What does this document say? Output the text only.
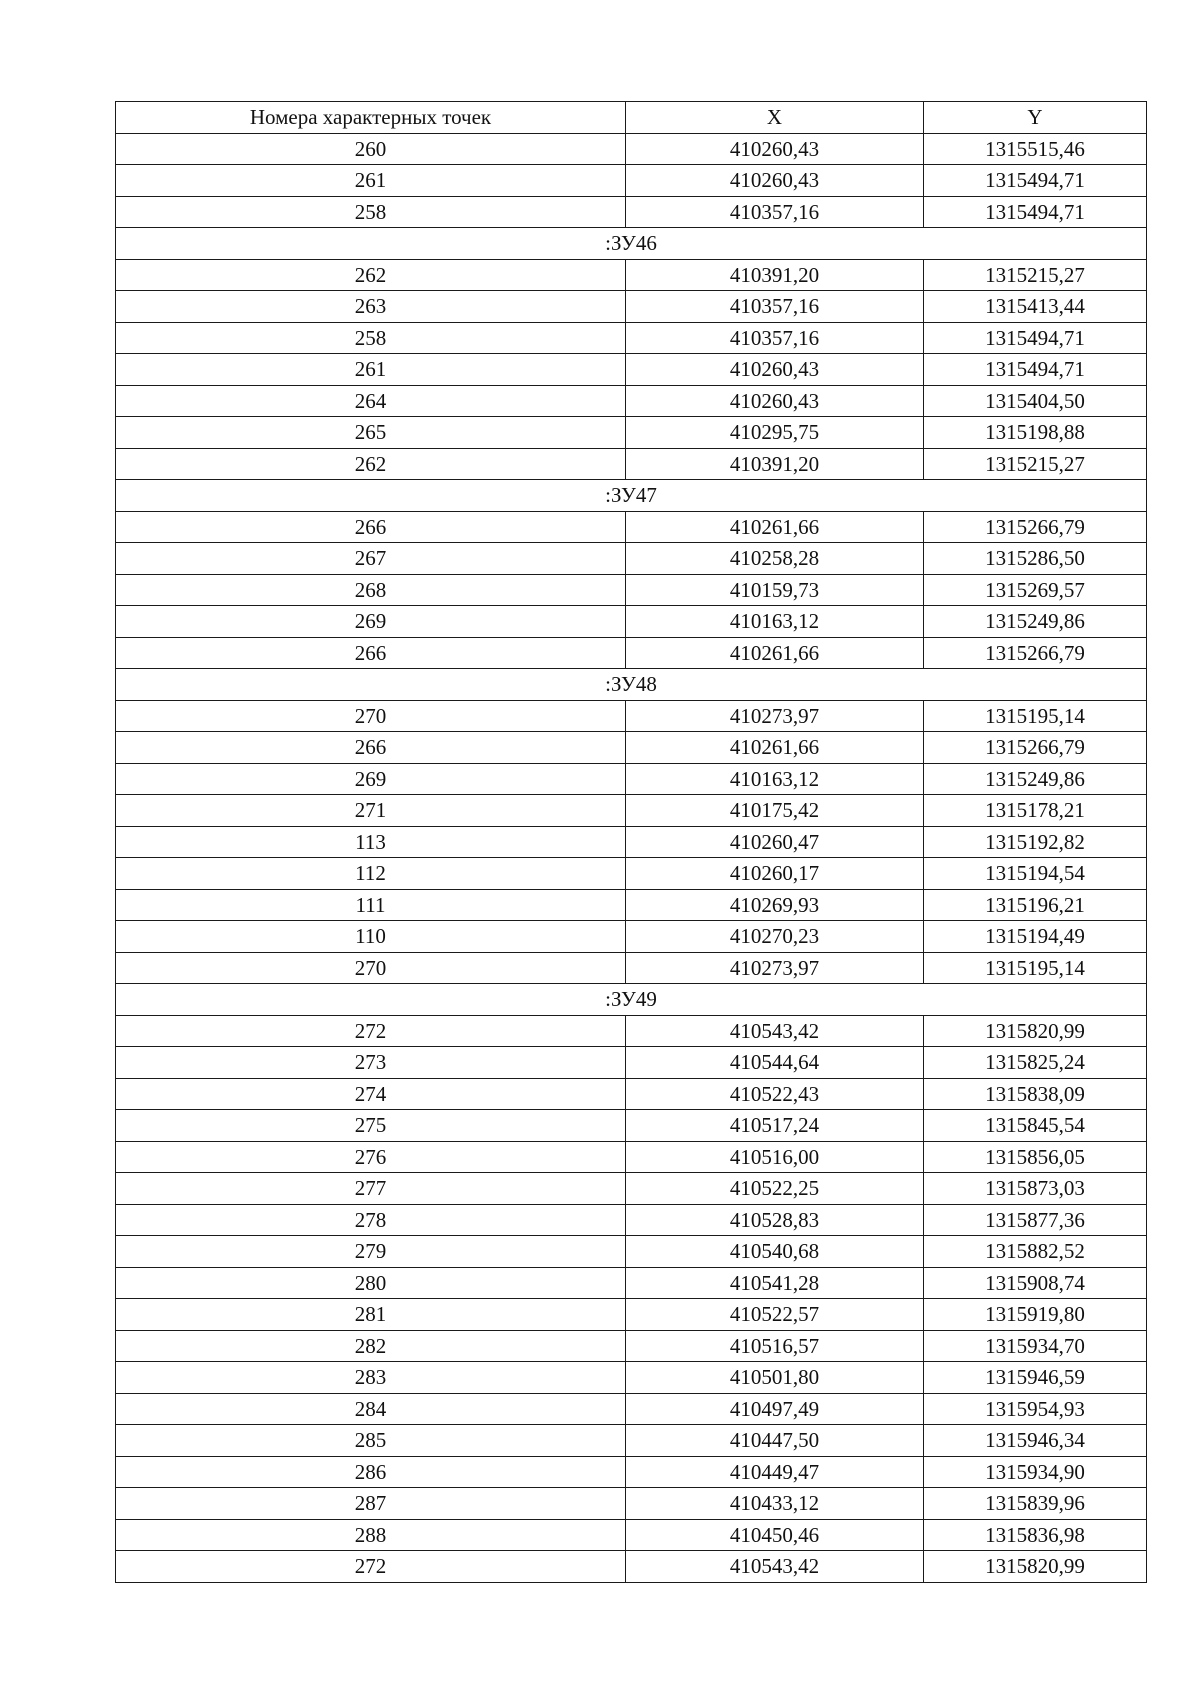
Номера характерных точек	X	Y
260	410260,43	1315515,46
261	410260,43	1315494,71
258	410357,16	1315494,71
:ЗУ46		
262	410391,20	1315215,27
263	410357,16	1315413,44
258	410357,16	1315494,71
261	410260,43	1315494,71
264	410260,43	1315404,50
265	410295,75	1315198,88
262	410391,20	1315215,27
:ЗУ47		
266	410261,66	1315266,79
267	410258,28	1315286,50
268	410159,73	1315269,57
269	410163,12	1315249,86
266	410261,66	1315266,79
:ЗУ48		
270	410273,97	1315195,14
266	410261,66	1315266,79
269	410163,12	1315249,86
271	410175,42	1315178,21
113	410260,47	1315192,82
112	410260,17	1315194,54
111	410269,93	1315196,21
110	410270,23	1315194,49
270	410273,97	1315195,14
:ЗУ49		
272	410543,42	1315820,99
273	410544,64	1315825,24
274	410522,43	1315838,09
275	410517,24	1315845,54
276	410516,00	1315856,05
277	410522,25	1315873,03
278	410528,83	1315877,36
279	410540,68	1315882,52
280	410541,28	1315908,74
281	410522,57	1315919,80
282	410516,57	1315934,70
283	410501,80	1315946,59
284	410497,49	1315954,93
285	410447,50	1315946,34
286	410449,47	1315934,90
287	410433,12	1315839,96
288	410450,46	1315836,98
272	410543,42	1315820,99
